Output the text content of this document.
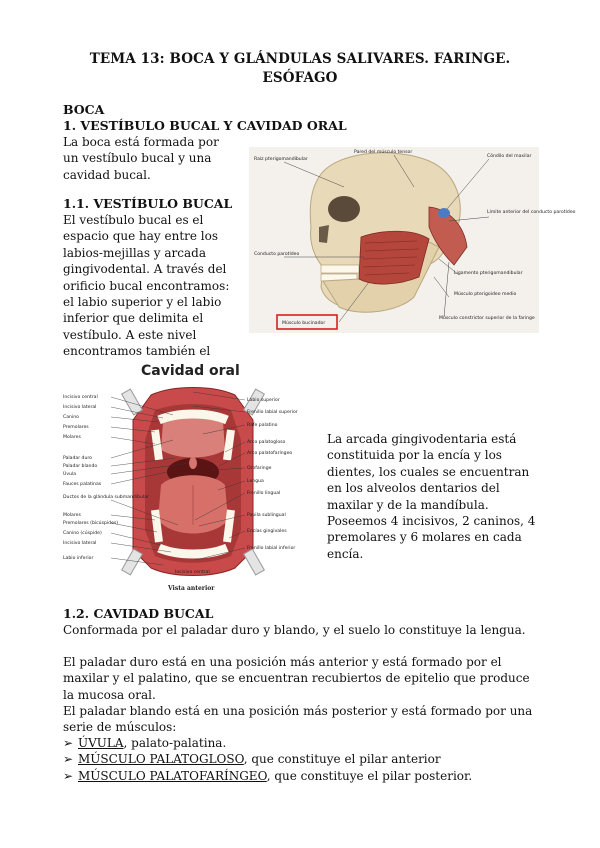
TEMA 13: BOCA Y GLÁNDULAS SALIVARES. FARINGE.
ESÓFAGO
BOCA
1. VESTÍBULO BUCAL Y CAVIDAD ORAL
La boca está formada por un vestíbulo bucal y una cavidad bucal.
1.1. VESTÍBULO BUCAL
El vestíbulo bucal es el espacio que hay entre los labios-mejillas y arcada gingivodental. A través del orificio bucal encontramos: el labio superior y el labio inferior que delimita el vestíbulo. A este nivel encontramos también el
Raíz pterigomandibular
Pared del músculo tensor
Cóndilo del maxilar
Límite anterior del conducto parotídeo
Conducto parotídeo
Ligamento pterigomandibular
Músculo pterigoideo medio
Músculo bucinador
Músculo constrictor superior de la faringe
Cavidad oral
Incisivo central
Incisivo lateral
Canino
Premolares
Molares
Paladar duro
Paladar blando
Úvula
Fauces palatinas
Ductos de la glándula submandibular
Molares
Premolares (bicúspides)
Canino (cúspide)
Incisivo lateral
Labio inferior
Labio superior
Frenillo labial superior
Rafe palatino
Arco palatogloso
Arco palatofaríngeo
Orofaringe
Lengua
Frenillo lingual
Papila sublingual
Encías gingivales
Frenillo labial inferior
Incisivo central
Vista anterior
La arcada gingivodentaria está constituida por la encía y los dientes, los cuales se encuentran en los alveolos dentarios del maxilar y de la mandíbula. Poseemos 4 incisivos, 2 caninos, 4 premolares y 6 molares en cada encía.
1.2. CAVIDAD BUCAL
Conformada por el paladar duro y blando, y el suelo lo constituye la lengua.
El paladar duro está en una posición más anterior y está formado por el maxilar y el palatino, que se encuentran recubiertos de epitelio que produce la mucosa oral.
El paladar blando está en una posición más posterior y está formado por una serie de músculos:
➢ ÚVULA, palato-palatina.
➢ MÚSCULO PALATOGLOSO, que constituye el pilar anterior
➢ MÚSCULO PALATOFARÍNGEO, que constituye el pilar posterior.
